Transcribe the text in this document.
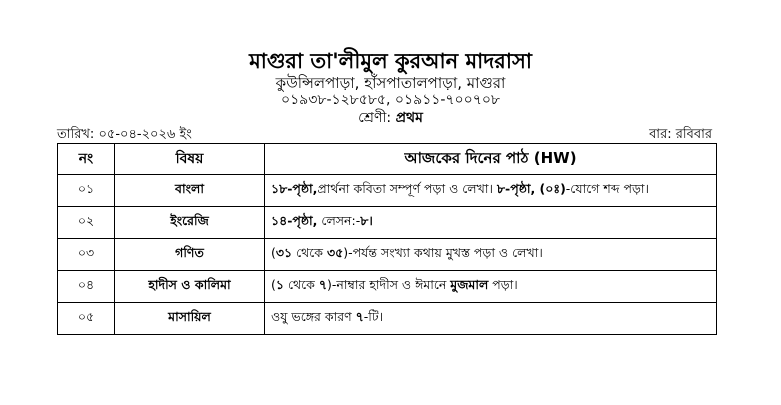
মাগুরা তা'লীমুল কুরআন মাদরাসা
কুউন্সিলপাড়া, হাঁসপাতালপাড়া, মাগুরা
০১৯৩৮-১২৮৫৮৫, ০১৯১১-৭০০৭০৮
শ্রেণী: প্রথম
তারিখ: ০৫-০৪-২০২৬ ইং	বার: রবিবার
নং	বিষয়	আজকের দিনের পাঠ (HW)
০১	বাংলা	১৮-পৃষ্ঠা,প্রার্থনা কবিতা সম্পূর্ণ পড়া ও লেখা। ৮-পৃষ্ঠা, (০ঃ)-যোগে শব্দ পড়া।
০২	ইংরেজি	১৪-পৃষ্ঠা, লেসন:-৮।
০৩	গণিত	(৩১ থেকে ৩৫)-পর্যন্ত সংখ্যা কথায় মুখস্ত পড়া ও লেখা।
০৪	হাদীস ও কালিমা	(১ থেকে ৭)-নাম্বার হাদীস ও ঈমানে মুজমাল পড়া।
০৫	মাসায়িল	ওযু ভঙ্গের কারণ ৭-টি।
